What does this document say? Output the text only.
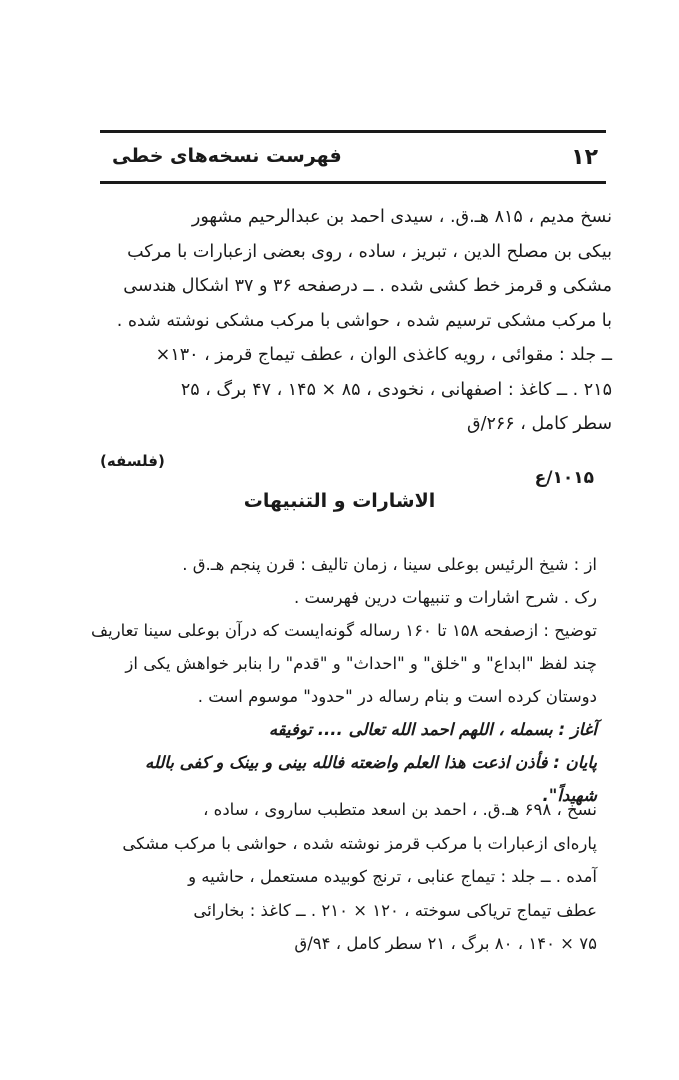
۱۲
فهرست نسخه‌های خطی
نسخ مدیم ، ۸۱۵ هـ.ق. ، سیدی احمد بن عبدالرحیم مشهور
بیکی بن مصلح الدین ، تبریز ، ساده ، روی بعضی ازعبارات با مرکب
مشکی و قرمز خط کشی شده . ــ درصفحه ۳۶ و ۳۷ اشکال هندسی
با مرکب مشکی ترسیم شده ، حواشی با مرکب مشکی نوشته شده .
ــ جلد : مقوائی ، رویه کاغذی الوان ، عطف تیماج قرمز ، ۱۳۰×
۲۱۵ . ــ کاغذ : اصفهانی ، نخودی ، ۸۵ × ۱۴۵ ، ۴۷ برگ ، ۲۵
سطر کامل ، ۲۶۶/ق
(فلسفه)
۱۰۱۵/ع
الاشارات و التنبیهات
از : شیخ الرئیس بوعلی سینا ، زمان تالیف : قرن پنجم هـ.ق .
رک . شرح اشارات و تنبیهات درین فهرست .
توضیح : ازصفحه ۱۵۸ تا ۱۶۰ رساله گونه‌ایست که درآن بوعلی سینا تعاریف
چند لفظ "ابداع" و "خلق" و "احداث" و "قدم" را بنابر خواهش یکی از
دوستان کرده است و بنام رساله در "حدود" موسوم است .
آغاز : بسمله ، اللهم احمد الله تعالی .... توفیقه
پایان : فأذن اذعت هذا العلم واضعته فالله بینی و بینک و کفی بالله
شهیداً".
نسخ ، ۶۹۸ هـ.ق. ، احمد بن اسعد متطبب ساروی ، ساده ،
پاره‌ای ازعبارات با مرکب قرمز نوشته شده ، حواشی با مرکب مشکی
آمده . ــ جلد : تیماج عنابی ، ترنج کوبیده مستعمل ، حاشیه و
عطف تیماج تریاکی سوخته ، ۱۲۰ × ۲۱۰ . ــ کاغذ : بخارائی
۷۵ × ۱۴۰ ، ۸۰ برگ ، ۲۱ سطر کامل ، ۹۴/ق
